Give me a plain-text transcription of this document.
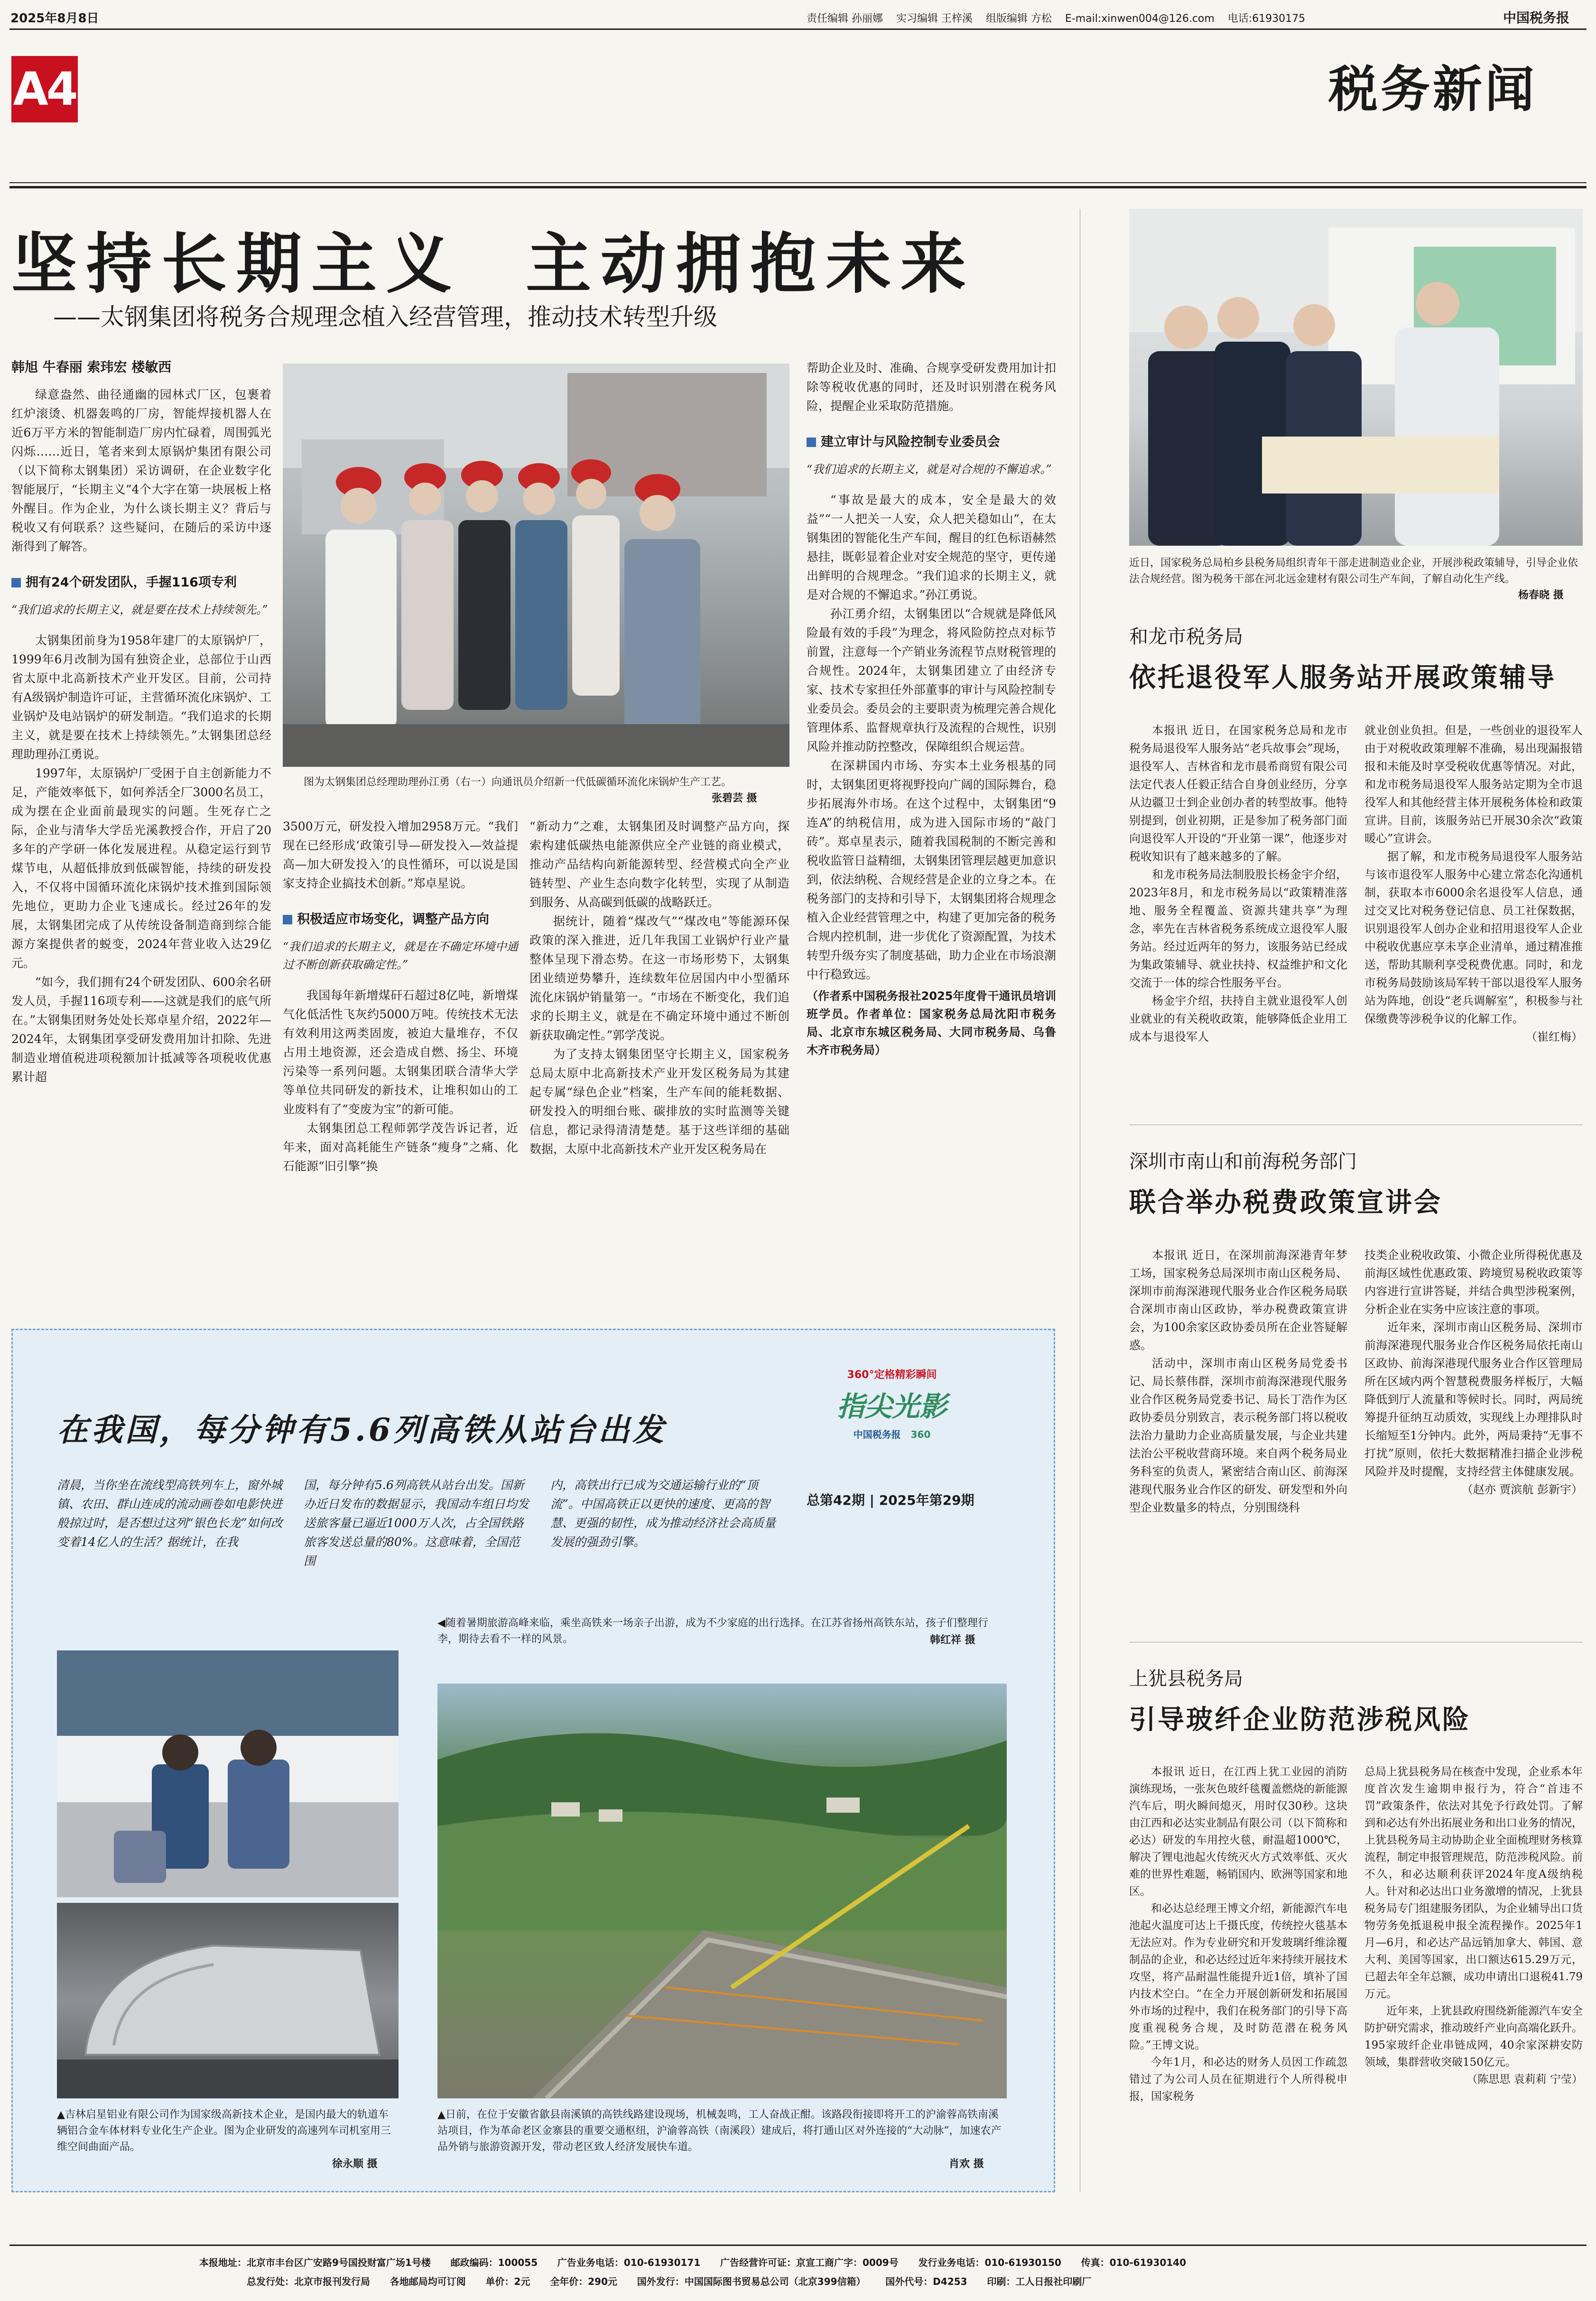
2025年8月8日	责任编辑 孙丽娜    实习编辑 王梓溪    组版编辑 方松    E-mail:xinwen004@126.com    电话:61930175	中国税务报
A4	税务新闻
坚持长期主义  主动拥抱未来
——太钢集团将税务合规理念植入经营管理，推动技术转型升级
韩旭 牛春丽 索玮宏 楼敏西

绿意盎然、曲径通幽的园林式厂区，包裹着红炉滚烫、机器轰鸣的厂房，智能焊接机器人在近6万平方米的智能制造厂房内忙碌着，周围弧光闪烁……近日，笔者来到太原锅炉集团有限公司（以下简称太钢集团）采访调研，在企业数字化智能展厅，“长期主义”4个大字在第一块展板上格外醒目。作为企业，为什么谈长期主义？背后与税收又有何联系？这些疑问，在随后的采访中逐渐得到了解答。

拥有24个研发团队，手握116项专利
“我们追求的长期主义，就是要在技术上持续领先。”

太钢集团前身为1958年建厂的太原锅炉厂，1999年6月改制为国有独资企业，总部位于山西省太原中北高新技术产业开发区。目前，公司持有A级锅炉制造许可证，主营循环流化床锅炉、工业锅炉及电站锅炉的研发制造。“我们追求的长期主义，就是要在技术上持续领先。”太钢集团总经理助理孙江勇说。

1997年，太原锅炉厂受困于自主创新能力不足，产能效率低下，如何养活全厂3000名员工，成为摆在企业面前最现实的问题。生死存亡之际，企业与清华大学岳光溪教授合作，开启了20多年的产学研一体化发展进程。从稳定运行到节煤节电，从超低排放到低碳智能，持续的研发投入，不仅将中国循环流化床锅炉技术推到国际领先地位，更助力企业飞速成长。经过26年的发展，太钢集团完成了从传统设备制造商到综合能源方案提供者的蜕变，2024年营业收入达29亿元。

“如今，我们拥有24个研发团队、600余名研发人员，手握116项专利——这就是我们的底气所在。”太钢集团财务处处长郑卓星介绍，2022年—2024年，太钢集团享受研发费用加计扣除、先进制造业增值税进项税额加计抵减等各项税收优惠累计超

图为太钢集团总经理助理孙江勇（右一）向通讯员介绍新一代低碳循环流化床锅炉生产工艺。
张碧芸 摄

3500万元，研发投入增加2958万元。“我们现在已经形成‘政策引导—研发投入—效益提高—加大研发投入’的良性循环，可以说是国家支持企业搞技术创新。”郑卓星说。

积极适应市场变化，调整产品方向
“我们追求的长期主义，就是在不确定环境中通过不断创新获取确定性。”

我国每年新增煤矸石超过8亿吨，新增煤气化低活性飞灰约5000万吨。传统技术无法有效利用这两类固废，被迫大量堆存，不仅占用土地资源，还会造成自燃、扬尘、环境污染等一系列问题。太钢集团联合清华大学等单位共同研发的新技术，让堆积如山的工业废料有了“变废为宝”的新可能。

太钢集团总工程师郭学茂告诉记者，近年来，面对高耗能生产链条“瘦身”之痛、化石能源“旧引擎”换

“新动力”之难，太钢集团及时调整产品方向，探索构建低碳热电能源供应全产业链的商业模式，推动产品结构向新能源转型、经营模式向全产业链转型、产业生态向数字化转型，实现了从制造到服务、从高碳到低碳的战略跃迁。

据统计，随着“煤改气”“煤改电”等能源环保政策的深入推进，近几年我国工业锅炉行业产量整体呈现下滑态势。在这一市场形势下，太钢集团业绩逆势攀升，连续数年位居国内中小型循环流化床锅炉销量第一。“市场在不断变化，我们追求的长期主义，就是在不确定环境中通过不断创新获取确定性。”郭学茂说。

为了支持太钢集团坚守长期主义，国家税务总局太原中北高新技术产业开发区税务局为其建起专属“绿色企业”档案，生产车间的能耗数据、研发投入的明细台账、碳排放的实时监测等关键信息，都记录得清清楚楚。基于这些详细的基础数据，太原中北高新技术产业开发区税务局在

帮助企业及时、准确、合规享受研发费用加计扣除等税收优惠的同时，还及时识别潜在税务风险，提醒企业采取防范措施。

建立审计与风险控制专业委员会
“我们追求的长期主义，就是对合规的不懈追求。”

“事故是最大的成本，安全是最大的效益”“一人把关一人安，众人把关稳如山”，在太钢集团的智能化生产车间，醒目的红色标语赫然悬挂，既彰显着企业对安全规范的坚守，更传递出鲜明的合规理念。“我们追求的长期主义，就是对合规的不懈追求。”孙江勇说。

孙江勇介绍，太钢集团以“合规就是降低风险最有效的手段”为理念，将风险防控点对标节前置，注意每一个产销业务流程节点财税管理的合规性。2024年，太钢集团建立了由经济专家、技术专家担任外部董事的审计与风险控制专业委员会。委员会的主要职责为梳理完善合规化管理体系、监督规章执行及流程的合规性，识别风险并推动防控整改，保障组织合规运营。

在深耕国内市场、夯实本土业务根基的同时，太钢集团更将视野投向广阔的国际舞台，稳步拓展海外市场。在这个过程中，太钢集团“9连A”的纳税信用，成为进入国际市场的“敲门砖”。郑卓星表示，随着我国税制的不断完善和税收监管日益精细，太钢集团管理层越更加意识到，依法纳税、合规经营是企业的立身之本。在税务部门的支持和引导下，太钢集团将合规理念植入企业经营管理之中，构建了更加完备的税务合规内控机制，进一步优化了资源配置，为技术转型升级夯实了制度基础，助力企业在市场浪潮中行稳致远。

（作者系中国税务报社2025年度骨干通讯员培训班学员。作者单位：国家税务总局沈阳市税务局、北京市东城区税务局、大同市税务局、乌鲁木齐市税务局）
近日，国家税务总局柏乡县税务局组织青年干部走进制造业企业，开展涉税政策辅导，引导企业依法合规经营。图为税务干部在河北远金建材有限公司生产车间，了解自动化生产线。
杨春晓 摄
和龙市税务局
依托退役军人服务站开展政策辅导

本报讯 近日，在国家税务总局和龙市税务局退役军人服务站“老兵故事会”现场，退役军人、吉林省和龙市晨希商贸有限公司法定代表人任毅正结合自身创业经历，分享从边疆卫士到企业创办者的转型故事。他特别提到，创业初期，正是参加了税务部门面向退役军人开设的“开业第一课”，他逐步对税收知识有了越来越多的了解。

和龙市税务局法制股股长杨金宇介绍，2023年8月，和龙市税务局以“政策精准落地、服务全程覆盖、资源共建共享”为理念，率先在吉林省税务系统成立退役军人服务站。经过近两年的努力，该服务站已经成为集政策辅导、就业扶持、权益维护和文化交流于一体的综合性服务平台。

杨金宇介绍，扶持自主就业退役军人创业就业的有关税收政策，能够降低企业用工成本与退役军人

就业创业负担。但是，一些创业的退役军人由于对税收政策理解不准确，易出现漏报错报和未能及时享受税收优惠等情况。对此，和龙市税务局退役军人服务站定期为全市退役军人和其他经营主体开展税务体检和政策宣讲。目前，该服务站已开展30余次“政策暖心”宣讲会。

据了解，和龙市税务局退役军人服务站与该市退役军人服务中心建立常态化沟通机制，获取本市6000余名退役军人信息，通过交叉比对税务登记信息、员工社保数据，识别退役军人创办企业和招用退役军人企业中税收优惠应享未享企业清单，通过精准推送，帮助其顺利享受税费优惠。同时，和龙市税务局鼓励该局军转干部以退役军人服务站为阵地，创设“老兵调解室”，积极参与社保缴费等涉税争议的化解工作。

（崔红梅）
深圳市南山和前海税务部门
联合举办税费政策宣讲会

本报讯 近日，在深圳前海深港青年梦工场，国家税务总局深圳市南山区税务局、深圳市前海深港现代服务业合作区税务局联合深圳市南山区政协，举办税费政策宣讲会，为100余家区政协委员所在企业答疑解惑。

活动中，深圳市南山区税务局党委书记、局长蔡伟群，深圳市前海深港现代服务业合作区税务局党委书记、局长丁浩作为区政协委员分别致言，表示税务部门将以税收法治力量助力企业高质量发展，与企业共建法治公平税收营商环境。来自两个税务局业务科室的负责人，紧密结合南山区、前海深港现代服务业合作区的研发、研发型和外向型企业数量多的特点，分别围绕科

技类企业税收政策、小微企业所得税优惠及前海区域性优惠政策、跨境贸易税收政策等内容进行宣讲答疑，并结合典型涉税案例，分析企业在实务中应该注意的事项。

近年来，深圳市南山区税务局、深圳市前海深港现代服务业合作区税务局依托南山区政协、前海深港现代服务业合作区管理局所在区域内两个智慧税费服务样板厅，大幅降低到厅人流量和等候时长。同时，两局统筹提升征纳互动质效，实现线上办理排队时长缩短至1分钟内。此外，两局秉持“无事不打扰”原则，依托大数据精准扫描企业涉税风险并及时提醒，支持经营主体健康发展。

（赵亦 贾滨航 彭新宇）
上犹县税务局
引导玻纤企业防范涉税风险

本报讯 近日，在江西上犹工业园的消防演练现场，一张灰色玻纤毯覆盖燃烧的新能源汽车后，明火瞬间熄灭，用时仅30秒。这块由江西和必达实业制品有限公司（以下简称和必达）研发的车用控火毯，耐温超1000℃，解决了锂电池起火传统灭火方式效率低、灭火难的世界性难题，畅销国内、欧洲等国家和地区。

和必达总经理王博文介绍，新能源汽车电池起火温度可达上千摄氏度，传统控火毯基本无法应对。作为专业研究和开发玻璃纤维涂覆制品的企业，和必达经过近年来持续开展技术攻坚，将产品耐温性能提升近1倍，填补了国内技术空白。“在全力开展创新研发和拓展国外市场的过程中，我们在税务部门的引导下高度重视税务合规，及时防范潜在税务风险。”王博文说。

今年1月，和必达的财务人员因工作疏忽错过了为公司人员在征期进行个人所得税申报，国家税务

总局上犹县税务局在核查中发现，企业系本年度首次发生逾期申报行为，符合“首违不罚”政策条件，依法对其免予行政处罚。了解到和必达有外出拓展业务和出口业务的情况，上犹县税务局主动协助企业全面梳理财务核算流程，制定申报管理规范，防范涉税风险。前不久，和必达顺利获评2024年度A级纳税人。针对和必达出口业务激增的情况，上犹县税务局专门组建服务团队，为企业辅导出口货物劳务免抵退税申报全流程操作。2025年1月—6月，和必达产品远销加拿大、韩国、意大利、美国等国家，出口额达615.29万元，已超去年全年总额，成功申请出口退税41.79万元。

近年来，上犹县政府围绕新能源汽车安全防护研究需求，推动玻纤产业向高端化跃升。195家玻纤企业串链成网，40余家深耕安防领域，集群营收突破150亿元。

（陈思思 袁莉莉 宁莹）
在我国，每分钟有5.6列高铁从站台出发
360°定格精彩瞬间
指尖光影
中国税务报 360
总第42期 | 2025年第29期
清晨，当你坐在流线型高铁列车上，窗外城镇、农田、群山连成的流动画卷如电影快进般掠过时，是否想过这列“银色长龙”如何改变着14亿人的生活？据统计，在我
国，每分钟有5.6列高铁从站台出发。国新办近日发布的数据显示，我国动车组日均发送旅客量已逼近1000万人次，占全国铁路旅客发送总量的80%。这意味着，全国范围
内，高铁出行已成为交通运输行业的“顶流”。中国高铁正以更快的速度、更高的智慧、更强的韧性，成为推动经济社会高质量发展的强劲引擎。
◀随着暑期旅游高峰来临，乘坐高铁来一场亲子出游，成为不少家庭的出行选择。在江苏省扬州高铁东站，孩子们整理行李，期待去看不一样的风景。	韩红祥 摄
▲吉林启星铝业有限公司作为国家级高新技术企业，是国内最大的轨道车辆铝合金车体材料专业化生产企业。图为企业研发的高速列车司机室用三维空间曲面产品。
徐永顺 摄
▲日前，在位于安徽省歙县南溪镇的高铁线路建设现场，机械轰鸣，工人奋战正酣。该路段衔接即将开工的沪渝蓉高铁南溪站项目，作为革命老区金寨县的重要交通枢纽，沪渝蓉高铁（南溪段）建成后，将打通山区对外连接的“大动脉”，加速农产品外销与旅游资源开发，带动老区致人经济发展快车道。
肖欢 摄
本报地址：北京市丰台区广安路9号国投财富广场1号楼      邮政编码：100055      广告业务电话：010-61930171      广告经营许可证：京宣工商广字：0009号      发行业务电话：010-61930150      传真：010-61930140
总发行处：北京市报刊发行局      各地邮局均可订阅      单价：2元      全年价：290元      国外发行：中国国际图书贸易总公司（北京399信箱）      国外代号：D4253      印刷：工人日报社印刷厂
